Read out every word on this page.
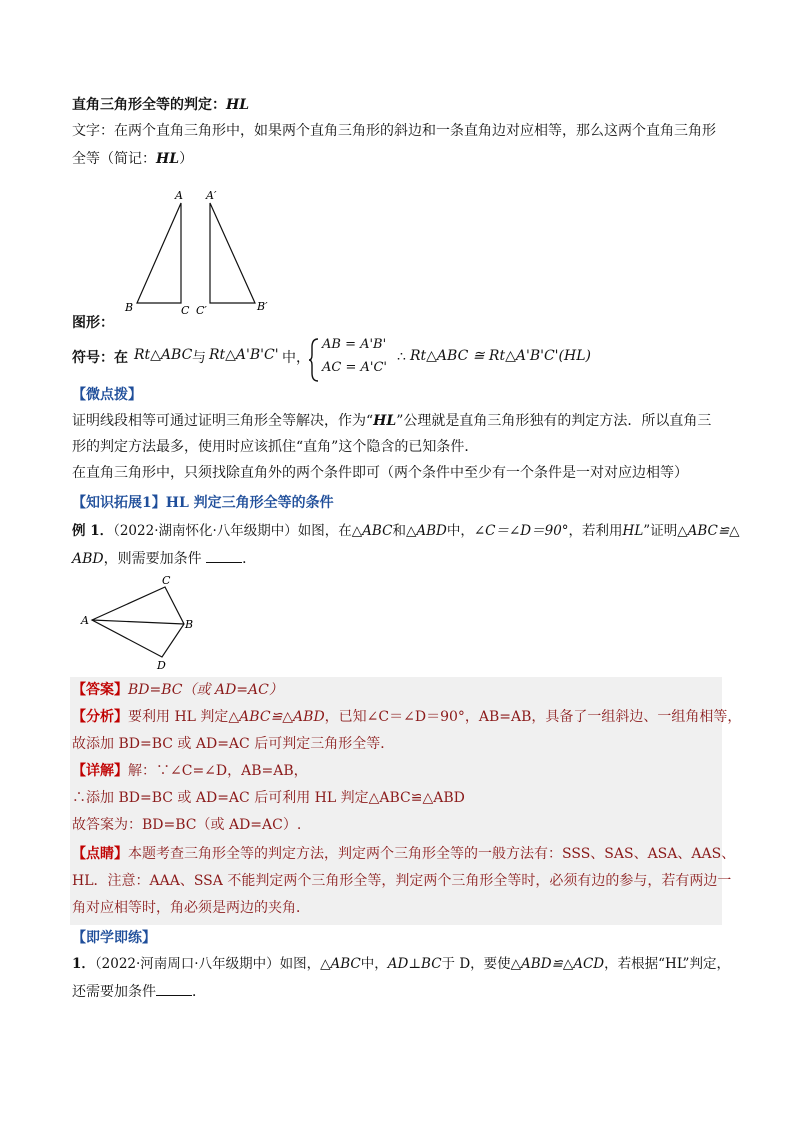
直角三角形全等的判定：HL
文字：在两个直角三角形中，如果两个直角三角形的斜边和一条直角边对应相等，那么这两个直角三角形
全等（简记：HL）
A
B	C
A′
C′	B′
图形：
符号：在 Rt△ABC 与 Rt△A'B'C' 中，
AB = A'B'
AC = A'C'
∴ Rt△ABC ≅ Rt△A'B'C'(HL)
【微点拨】
证明线段相等可通过证明三角形全等解决，作为“HL”公理就是直角三角形独有的判定方法．所以直角三
形的判定方法最多，使用时应该抓住“直角”这个隐含的已知条件．
在直角三角形中，只须找除直角外的两个条件即可（两个条件中至少有一个条件是一对对应边相等）
【知识拓展1】HL 判定三角形全等的条件
例 1．（2022·湖南怀化·八年级期中）如图，在△ABC和△ABD中，∠C＝∠D＝90°，若利用HL”证明△ABC≌△
ABD，则需要加条件	．
A	B
C
D
【答案】BD=BC（或 AD=AC）
【分析】要利用 HL 判定△ABC≌△ABD，已知∠C＝∠D＝90°，AB=AB，具备了一组斜边、一组角相等，
故添加 BD=BC 或 AD=AC 后可判定三角形全等．
【详解】解：∵∠C=∠D，AB=AB，
∴添加 BD=BC 或 AD=AC 后可利用 HL 判定△ABC≌△ABD
故答案为：BD=BC（或 AD=AC）.
【点睛】本题考查三角形全等的判定方法，判定两个三角形全等的一般方法有：SSS、SAS、ASA、AAS、
HL．注意：AAA、SSA 不能判定两个三角形全等，判定两个三角形全等时，必须有边的参与，若有两边一
角对应相等时，角必须是两边的夹角．
【即学即练】
1．（2022·河南周口·八年级期中）如图，△ABC中，AD⊥BC于 D，要使△ABD≌△ACD，若根据“HL”判定，
还需要加条件	．
